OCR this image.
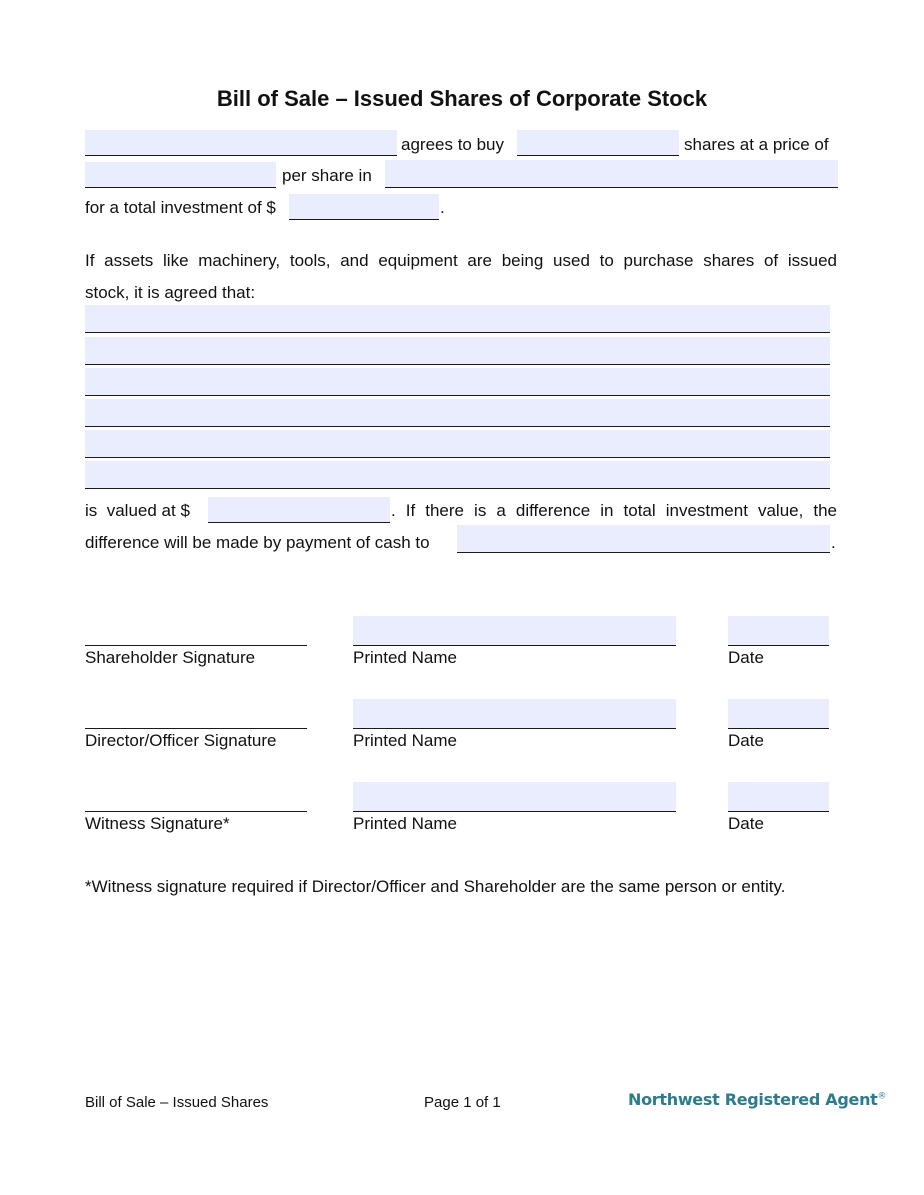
Bill of Sale – Issued Shares of Corporate Stock
agrees to buy	shares at a price of
per share in
for a total investment of $	.
If assets like machinery, tools, and equipment are being used to purchase shares of issued
stock, it is agreed that:
is  valued at $	. If there is a difference in total investment value, the
difference will be made by payment of cash to	.
Shareholder Signature	Printed Name	Date
Director/Officer Signature	Printed Name	Date
Witness Signature*	Printed Name	Date
*Witness signature required if Director/Officer and Shareholder are the same person or entity.
Bill of Sale – Issued Shares	Page 1 of 1	Northwest Registered Agent®
